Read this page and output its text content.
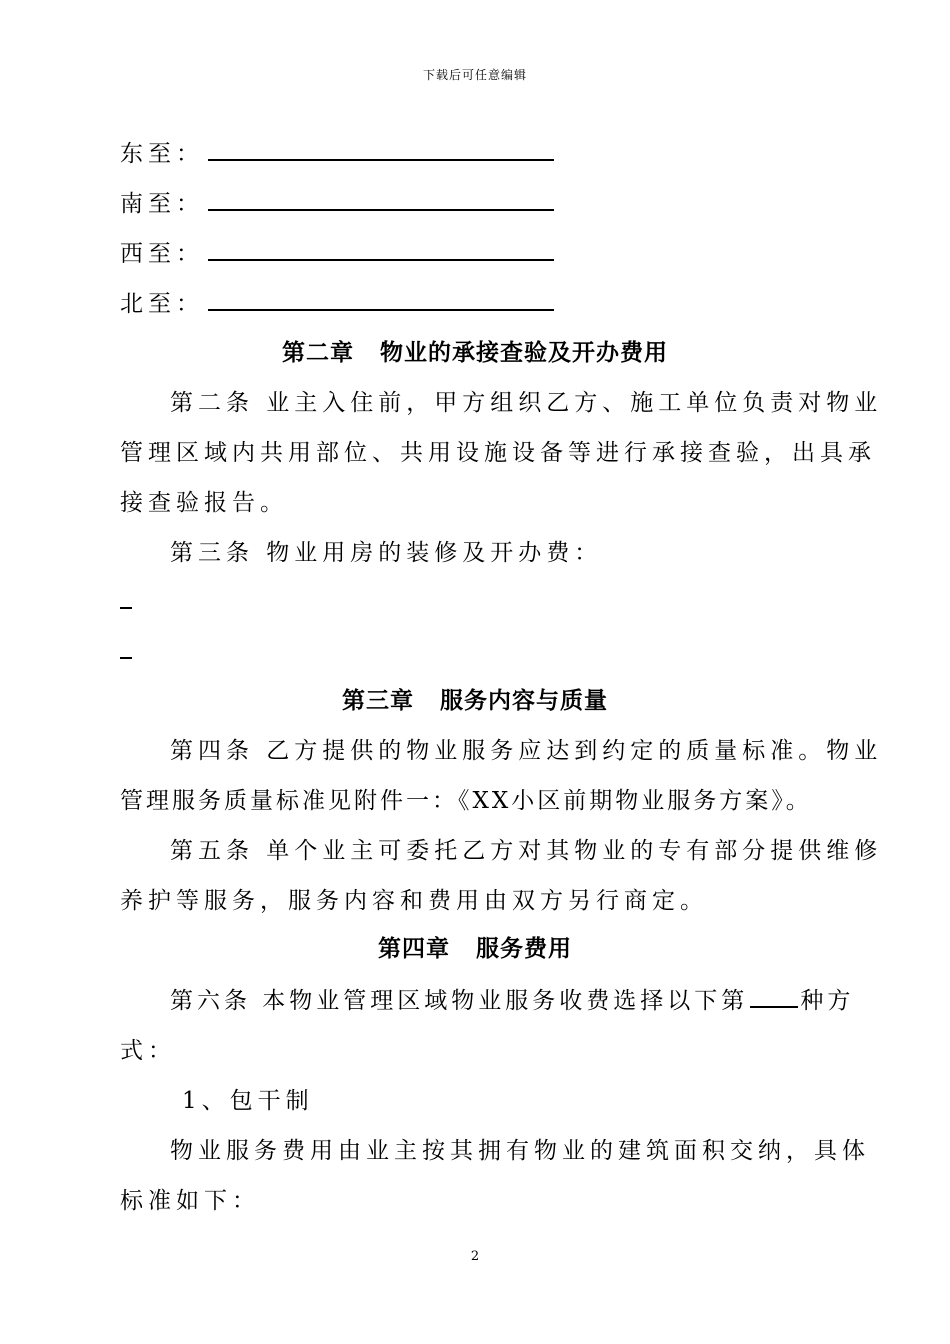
下载后可任意编辑
东至：
南至：
西至：
北至：
第二章 物业的承接查验及开办费用
第二条 业主入住前，甲方组织乙方、施工单位负责对物业
管理区域内共用部位、共用设施设备等进行承接查验，出具承
接查验报告。
第三条 物业用房的装修及开办费：
第三章 服务内容与质量
第四条 乙方提供的物业服务应达到约定的质量标准。物业
管理服务质量标准见附件一：《XX小区前期物业服务方案》。
第五条 单个业主可委托乙方对其物业的专有部分提供维修
养护等服务，服务内容和费用由双方另行商定。
第四章 服务费用
第六条 本物业管理区域物业服务收费选择以下第 种方
式：
1、包干制
物业服务费用由业主按其拥有物业的建筑面积交纳，具体
标准如下：
2
